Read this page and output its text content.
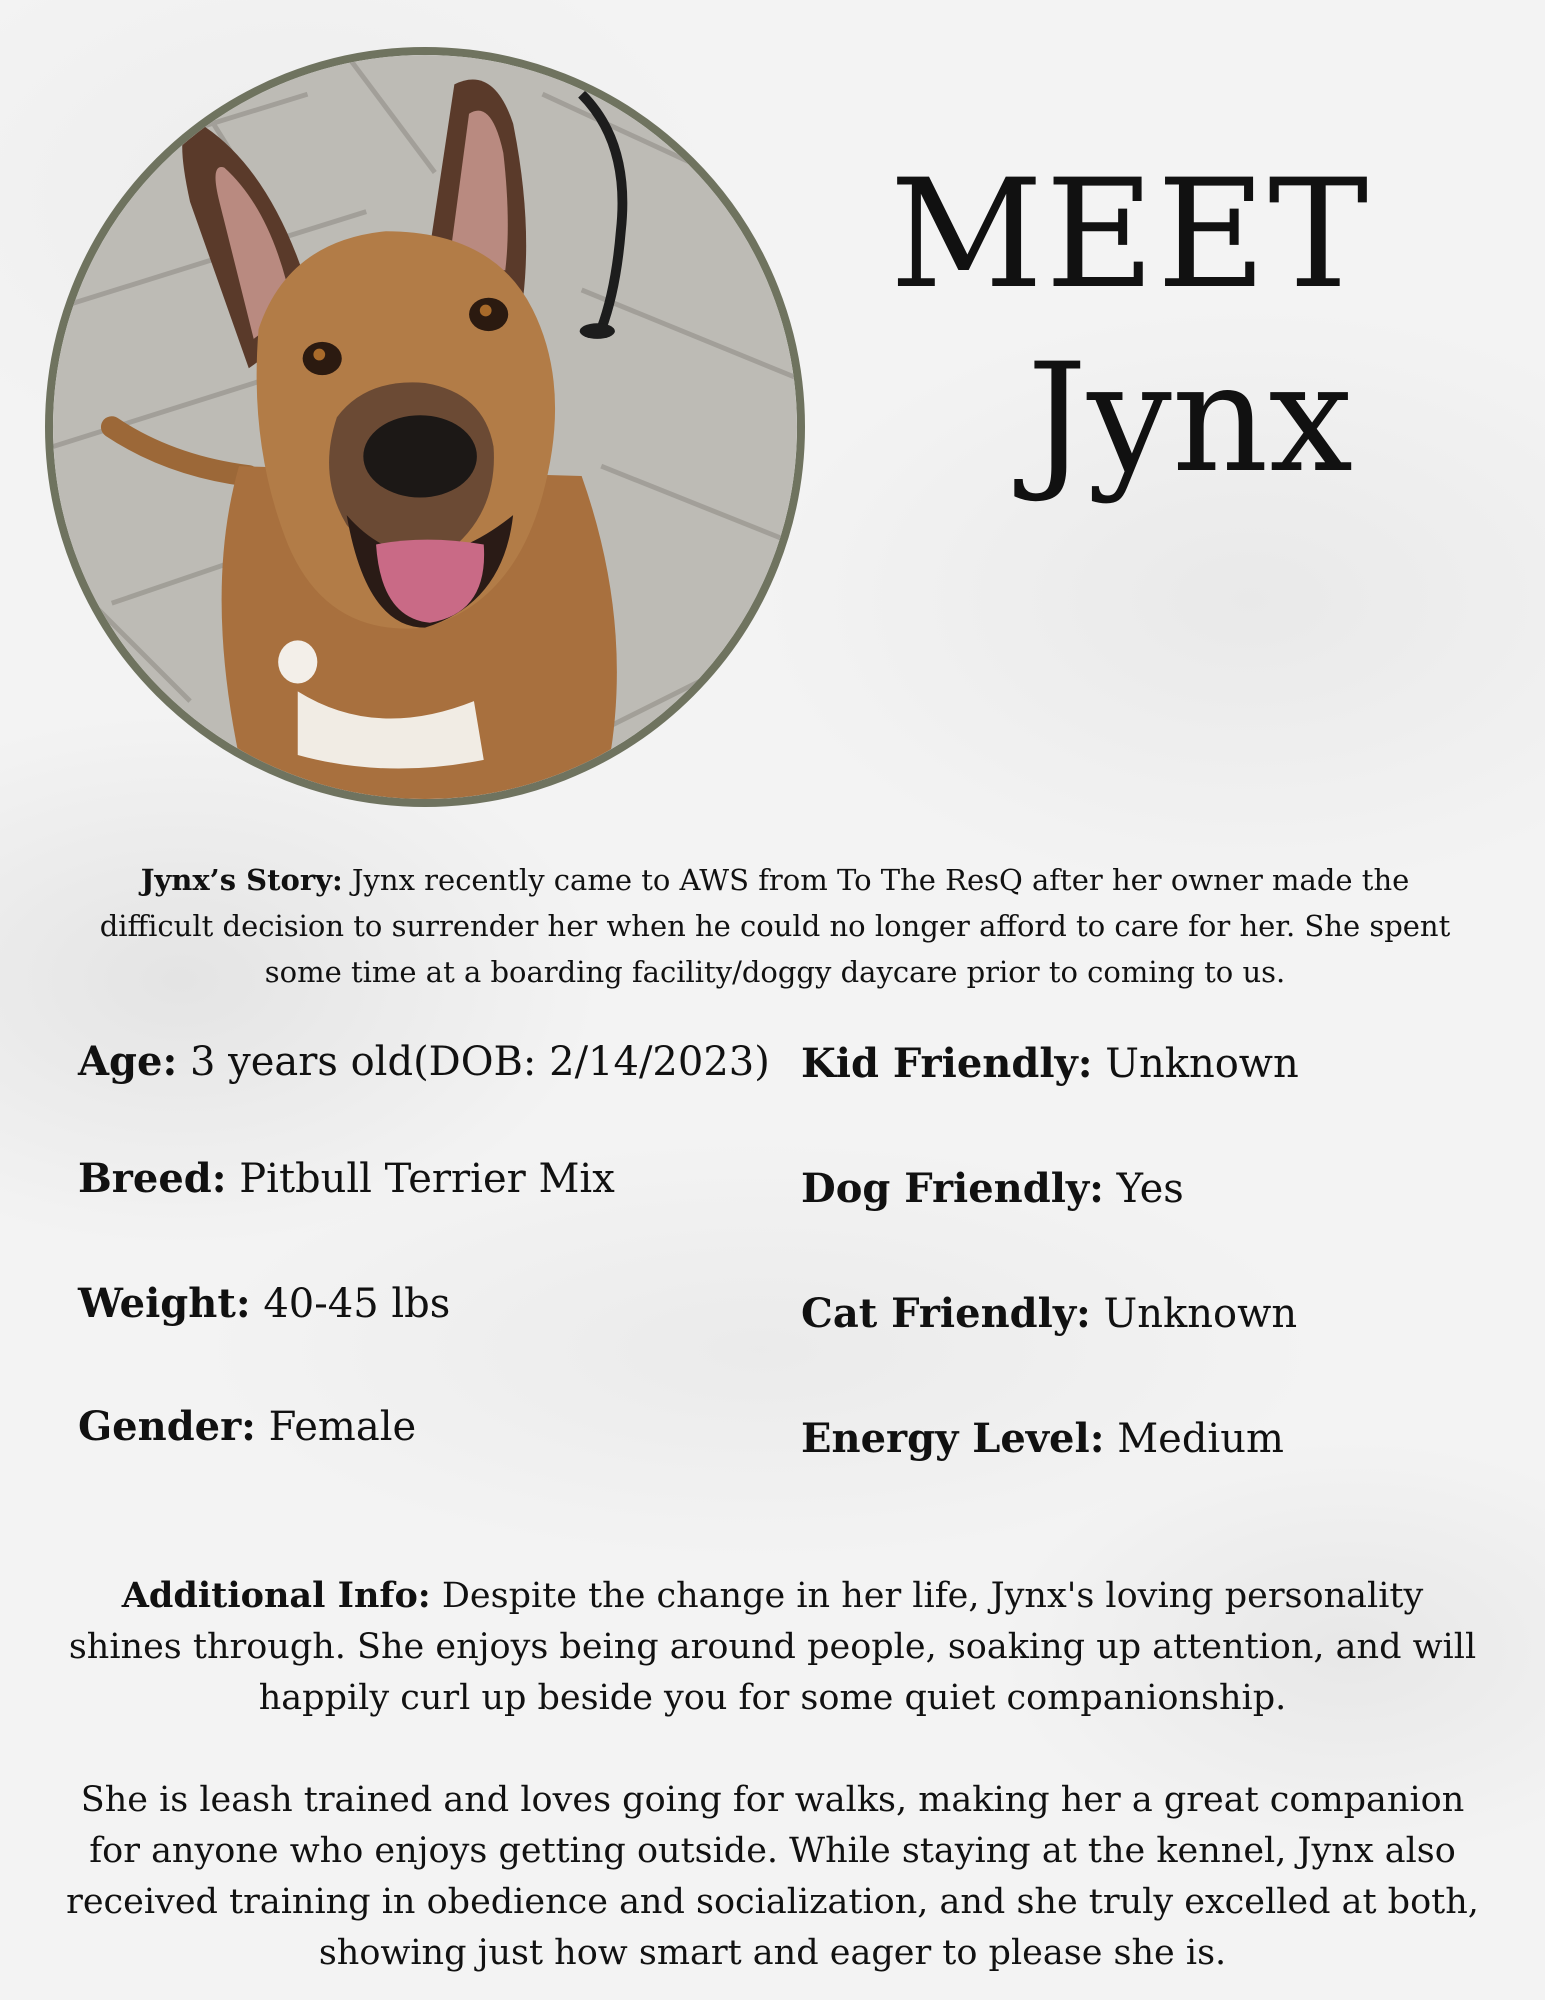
MEET
Jynx
Jynx’s Story: Jynx recently came to AWS from To The ResQ after her owner made the difficult decision to surrender her when he could no longer afford to care for her. She spent some time at a boarding facility/doggy daycare prior to coming to us.
Age: 3 years old(DOB: 2/14/2023)
Breed: Pitbull Terrier Mix
Weight: 40-45 lbs
Gender: Female
Kid Friendly: Unknown
Dog Friendly: Yes
Cat Friendly: Unknown
Energy Level: Medium

Additional Info: Despite the change in her life, Jynx's loving personality shines through. She enjoys being around people, soaking up attention, and will happily curl up beside you for some quiet companionship.

She is leash trained and loves going for walks, making her a great companion for anyone who enjoys getting outside. While staying at the kennel, Jynx also received training in obedience and socialization, and she truly excelled at both, showing just how smart and eager to please she is.
